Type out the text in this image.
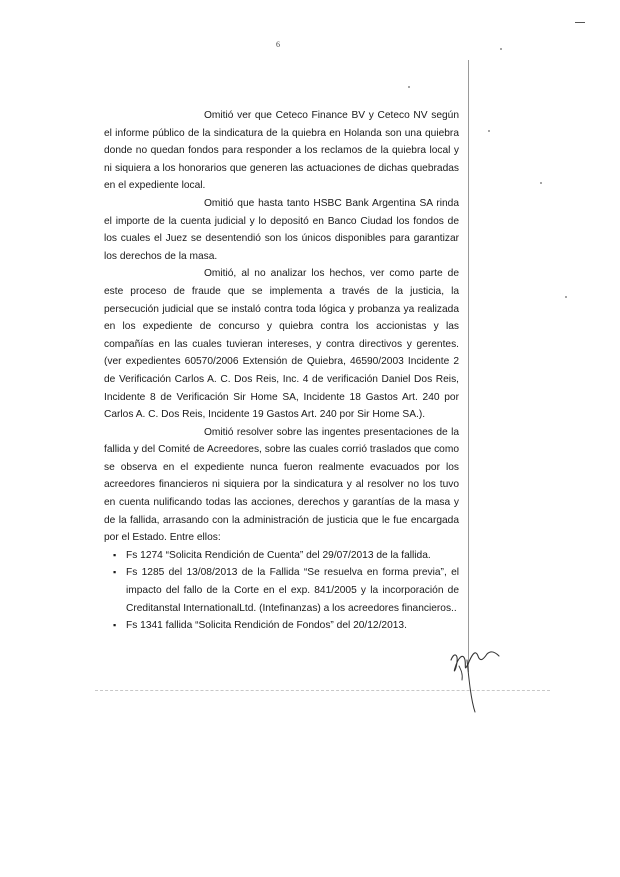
6

Omitió ver que Ceteco Finance BV y Ceteco NV según el informe público de la sindicatura de la quiebra en Holanda son una quiebra donde no quedan fondos para responder a los reclamos de la quiebra local y ni siquiera a los honorarios que generen las actuaciones de dichas quebradas en el expediente local.

Omitió que hasta tanto HSBC Bank Argentina SA rinda el importe de la cuenta judicial y lo depositó en Banco Ciudad los fondos de los cuales el Juez se desentendió son los únicos disponibles para garantizar los derechos de la masa.

Omitió, al no analizar los hechos, ver como parte de este proceso de fraude que se implementa a través de la justicia, la persecución judicial que se instaló contra toda lógica y probanza ya realizada en los expediente de concurso y quiebra contra los accionistas y las compañías en las cuales tuvieran intereses, y contra directivos y gerentes. (ver expedientes 60570/2006 Extensión de Quiebra, 46590/2003 Incidente 2 de Verificación Carlos A. C. Dos Reis, Inc. 4 de verificación Daniel Dos Reis, Incidente 8 de Verificación Sir Home SA, Incidente 18 Gastos Art. 240 por Carlos A. C. Dos Reis, Incidente 19 Gastos Art. 240 por Sir Home SA.).

Omitió resolver sobre las ingentes presentaciones de la fallida y del Comité de Acreedores, sobre las cuales corrió traslados que como se observa en el expediente nunca fueron realmente evacuados por los acreedores financieros ni siquiera por la sindicatura y al resolver no los tuvo en cuenta nulificando todas las acciones, derechos y garantías de la masa y de la fallida, arrasando con la administración de justicia que le fue encargada por el Estado. Entre ellos:

▪ Fs 1274 “Solicita Rendición de Cuenta” del 29/07/2013 de la fallida.
▪ Fs 1285 del 13/08/2013 de la Fallida “Se resuelva en forma previa”, el impacto del fallo de la Corte en el exp. 841/2005 y la incorporación de Creditanstal InternationalLtd. (Intefinanzas) a los acreedores financieros..
▪ Fs 1341 fallida “Solicita Rendición de Fondos” del 20/12/2013.
